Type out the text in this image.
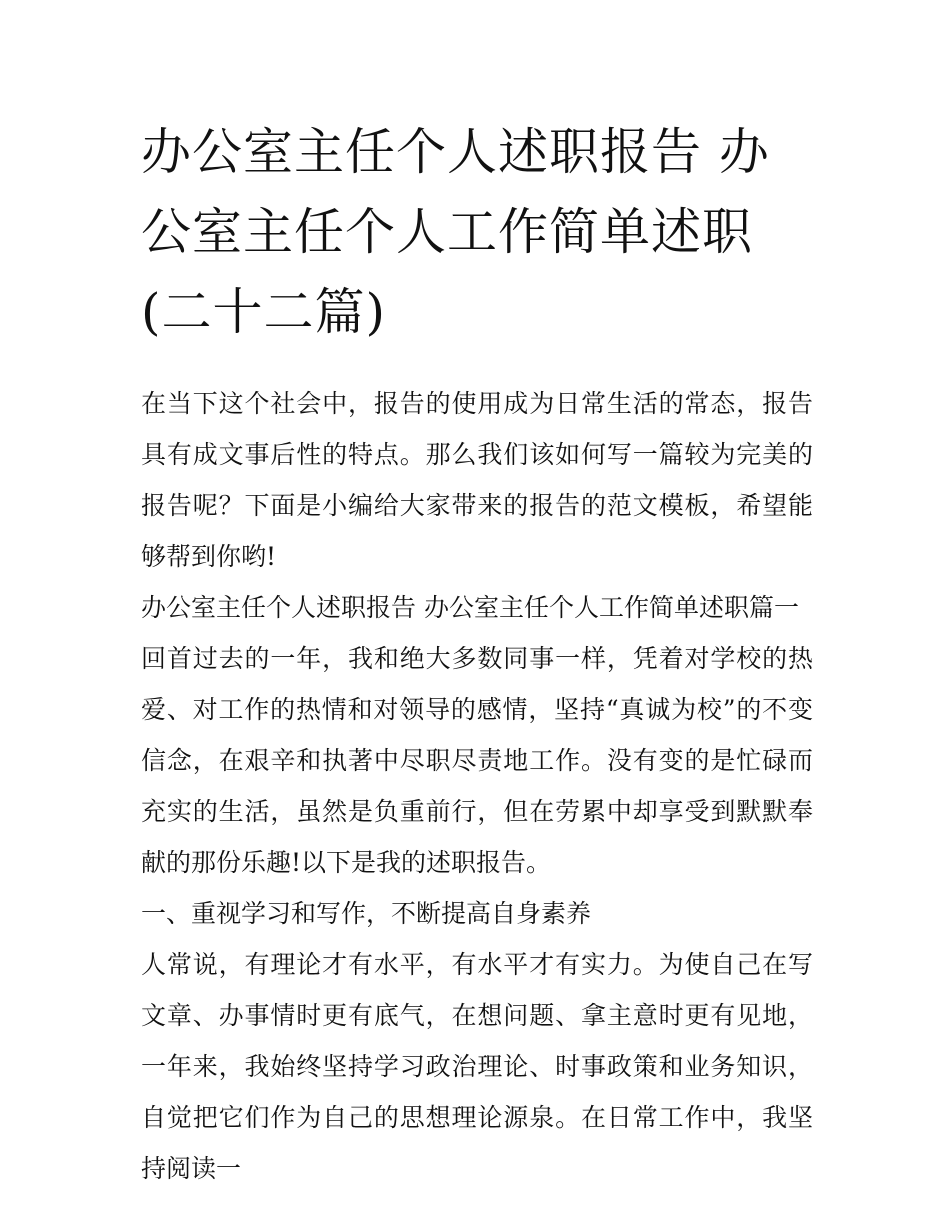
办公室主任个人述职报告 办公室主任个人工作简单述职(二十二篇)

在当下这个社会中，报告的使用成为日常生活的常态，报告具有成文事后性的特点。那么我们该如何写一篇较为完美的报告呢？下面是小编给大家带来的报告的范文模板，希望能够帮到你哟!

办公室主任个人述职报告 办公室主任个人工作简单述职篇一

回首过去的一年，我和绝大多数同事一样，凭着对学校的热爱、对工作的热情和对领导的感情，坚持“真诚为校”的不变信念，在艰辛和执著中尽职尽责地工作。没有变的是忙碌而充实的生活，虽然是负重前行，但在劳累中却享受到默默奉献的那份乐趣!以下是我的述职报告。

一、重视学习和写作，不断提高自身素养

人常说，有理论才有水平，有水平才有实力。为使自己在写文章、办事情时更有底气，在想问题、拿主意时更有见地，一年来，我始终坚持学习政治理论、时事政策和业务知识，自觉把它们作为自己的思想理论源泉。在日常工作中，我坚持阅读一
